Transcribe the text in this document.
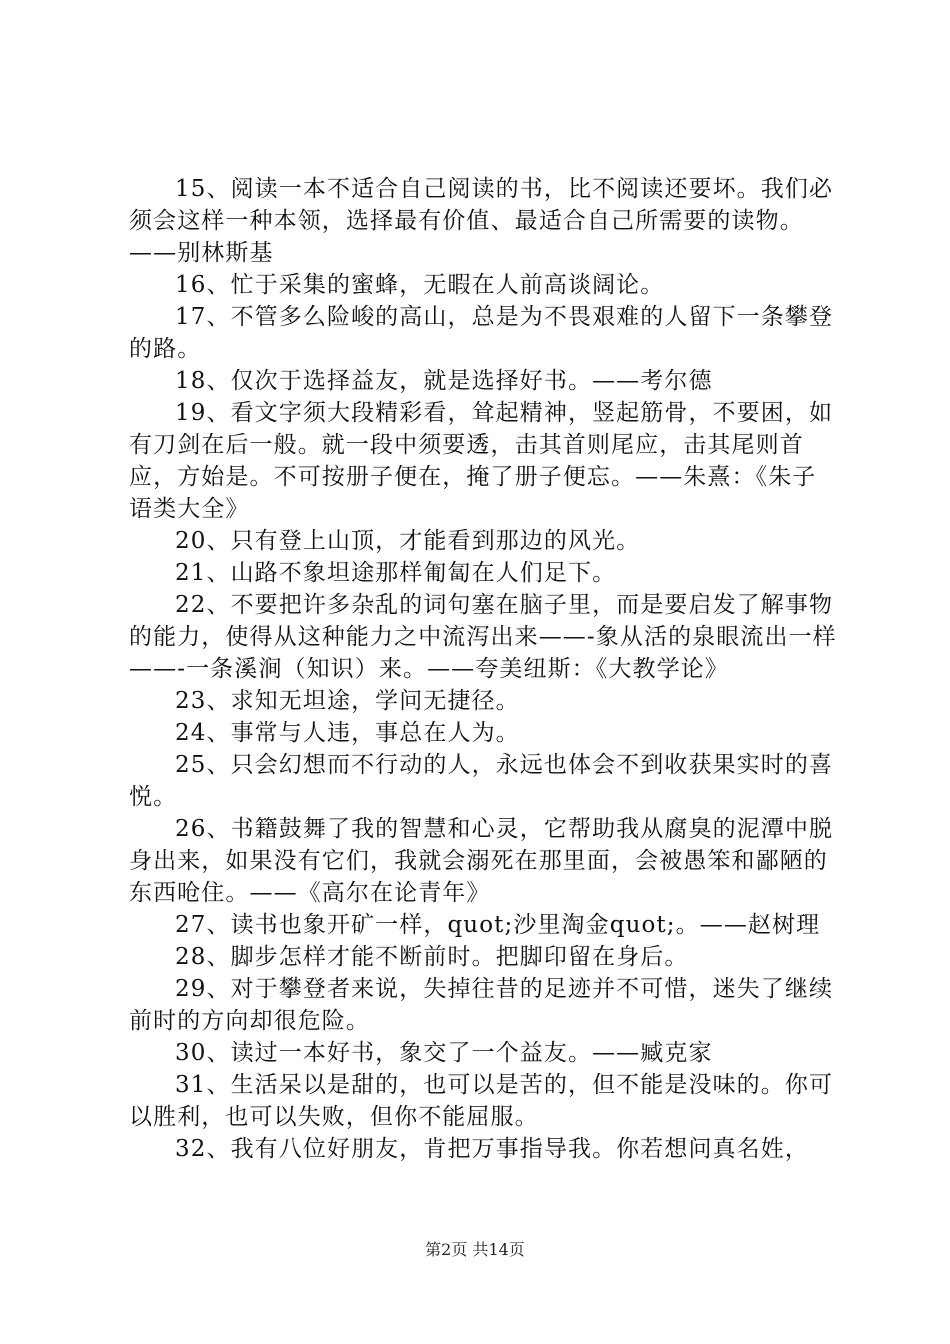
15、阅读一本不适合自己阅读的书，比不阅读还要坏。我们必须会这样一种本领，选择最有价值、最适合自己所需要的读物。——别林斯基

16、忙于采集的蜜蜂，无暇在人前高谈阔论。

17、不管多么险峻的高山，总是为不畏艰难的人留下一条攀登的路。

18、仅次于选择益友，就是选择好书。——考尔德

19、看文字须大段精彩看，耸起精神，竖起筋骨，不要困，如有刀剑在后一般。就一段中须要透，击其首则尾应，击其尾则首应，方始是。不可按册子便在，掩了册子便忘。——朱熹：《朱子语类大全》

20、只有登上山顶，才能看到那边的风光。

21、山路不象坦途那样匍匐在人们足下。

22、不要把许多杂乱的词句塞在脑子里，而是要启发了解事物的能力，使得从这种能力之中流泻出来——-象从活的泉眼流出一样——-一条溪涧（知识）来。——夸美纽斯：《大教学论》

23、求知无坦途，学问无捷径。

24、事常与人违，事总在人为。

25、只会幻想而不行动的人，永远也体会不到收获果实时的喜悦。

26、书籍鼓舞了我的智慧和心灵，它帮助我从腐臭的泥潭中脱身出来，如果没有它们，我就会溺死在那里面，会被愚笨和鄙陋的东西呛住。——《高尔在论青年》

27、读书也象开矿一样，quot;沙里淘金quot;。——赵树理

28、脚步怎样才能不断前时。把脚印留在身后。

29、对于攀登者来说，失掉往昔的足迹并不可惜，迷失了继续前时的方向却很危险。

30、读过一本好书，象交了一个益友。——臧克家

31、生活呆以是甜的，也可以是苦的，但不能是没味的。你可以胜利，也可以失败，但你不能屈服。

32、我有八位好朋友，肯把万事指导我。你若想问真名姓，

第2页 共14页
